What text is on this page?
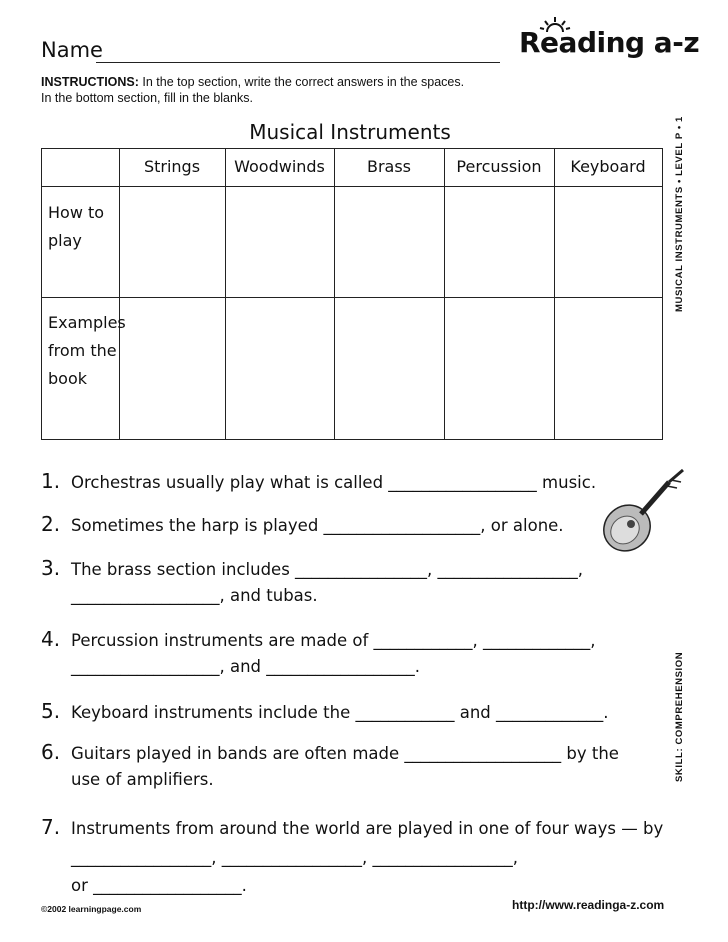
Name	Reading a-z
INSTRUCTIONS: In the top section, write the correct answers in the spaces.
In the bottom section, fill in the blanks.
Musical Instruments
Strings	Woodwinds	Brass	Percussion	Keyboard
How to play
Examples from the book
MUSICAL INSTRUMENTS • LEVEL P • 1
SKILL: COMPREHENSION
1. Orchestras usually play what is called __________________ music.
2. Sometimes the harp is played ___________________, or alone.
3. The brass section includes ________________, _________________,
__________________, and tubas.
4. Percussion instruments are made of ____________, _____________,
__________________, and __________________.
5. Keyboard instruments include the ____________ and _____________.
6. Guitars played in bands are often made ___________________ by the
use of amplifiers.
7. Instruments from around the world are played in one of four ways — by
_________________, _________________, _________________,
or __________________.
©2002 learningpage.com	http://www.readinga-z.com
